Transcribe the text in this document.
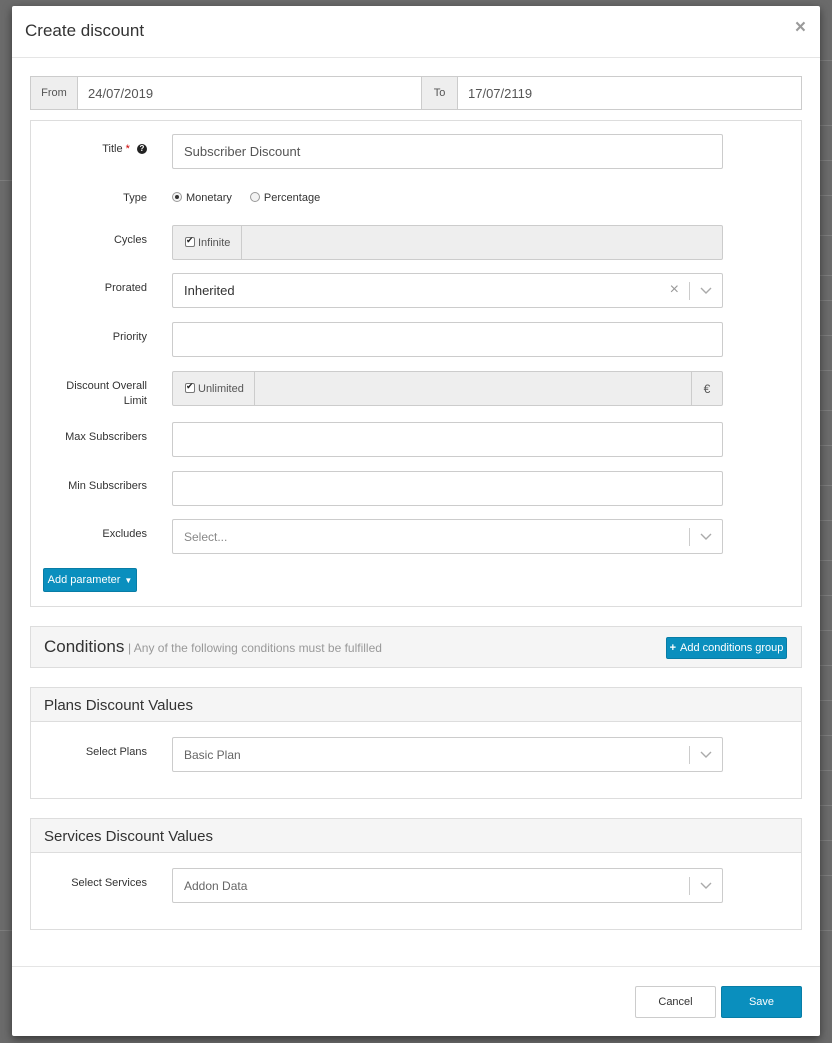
Create discount	×
From	24/07/2019	To	17/07/2119
Title * ?	Subscriber Discount
Type	Monetary	Percentage
Cycles
✔	Infinite
Prorated	Inherited	×
Priority
Discount Overall
Limit
✔Unlimited	€
Max Subscribers
Min Subscribers
Excludes	Select...
Add parameter ▼
Conditions | Any of the following conditions must be fulfilled	+ Add conditions group
Plans Discount Values
Select Plans	Basic Plan
Services Discount Values
Select Services	Addon Data
Cancel	Save
